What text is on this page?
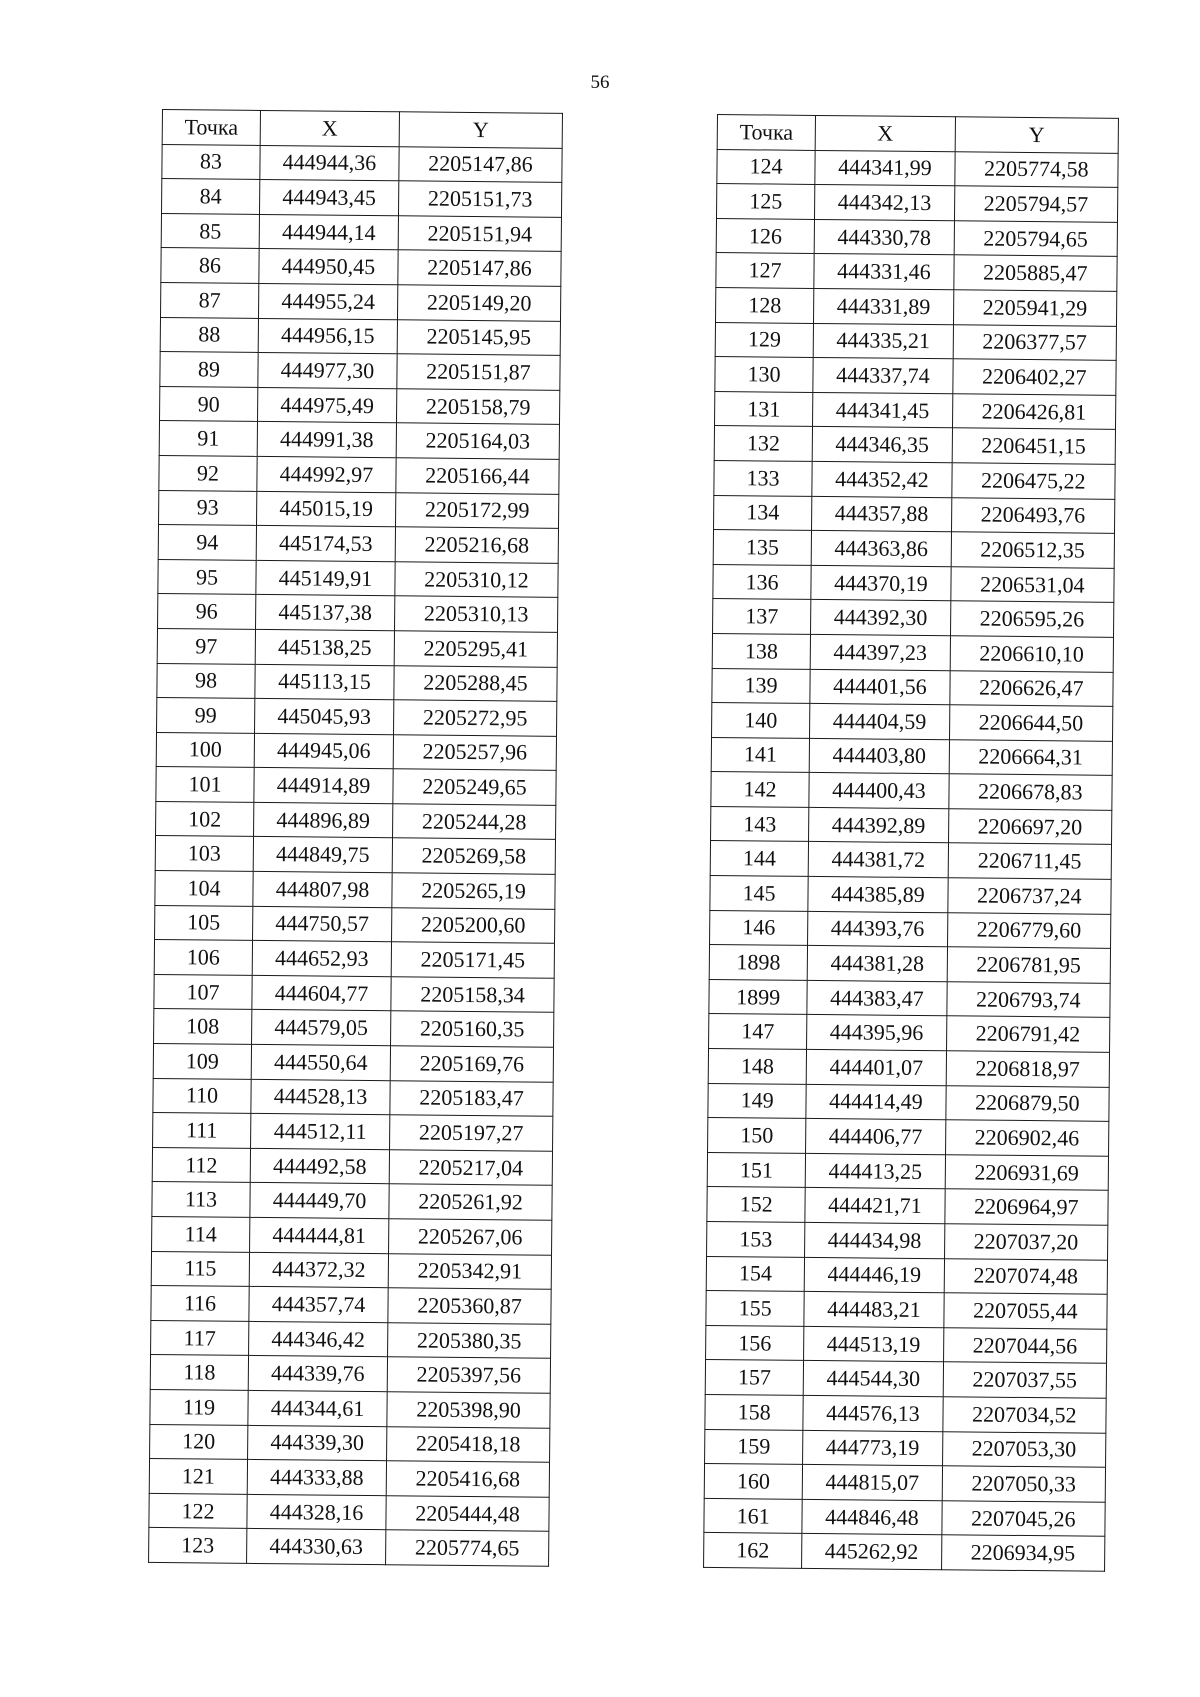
56
Точка	X	Y
83	444944,36	2205147,86
84	444943,45	2205151,73
85	444944,14	2205151,94
86	444950,45	2205147,86
87	444955,24	2205149,20
88	444956,15	2205145,95
89	444977,30	2205151,87
90	444975,49	2205158,79
91	444991,38	2205164,03
92	444992,97	2205166,44
93	445015,19	2205172,99
94	445174,53	2205216,68
95	445149,91	2205310,12
96	445137,38	2205310,13
97	445138,25	2205295,41
98	445113,15	2205288,45
99	445045,93	2205272,95
100	444945,06	2205257,96
101	444914,89	2205249,65
102	444896,89	2205244,28
103	444849,75	2205269,58
104	444807,98	2205265,19
105	444750,57	2205200,60
106	444652,93	2205171,45
107	444604,77	2205158,34
108	444579,05	2205160,35
109	444550,64	2205169,76
110	444528,13	2205183,47
111	444512,11	2205197,27
112	444492,58	2205217,04
113	444449,70	2205261,92
114	444444,81	2205267,06
115	444372,32	2205342,91
116	444357,74	2205360,87
117	444346,42	2205380,35
118	444339,76	2205397,56
119	444344,61	2205398,90
120	444339,30	2205418,18
121	444333,88	2205416,68
122	444328,16	2205444,48
123	444330,63	2205774,65
Точка	X	Y
124	444341,99	2205774,58
125	444342,13	2205794,57
126	444330,78	2205794,65
127	444331,46	2205885,47
128	444331,89	2205941,29
129	444335,21	2206377,57
130	444337,74	2206402,27
131	444341,45	2206426,81
132	444346,35	2206451,15
133	444352,42	2206475,22
134	444357,88	2206493,76
135	444363,86	2206512,35
136	444370,19	2206531,04
137	444392,30	2206595,26
138	444397,23	2206610,10
139	444401,56	2206626,47
140	444404,59	2206644,50
141	444403,80	2206664,31
142	444400,43	2206678,83
143	444392,89	2206697,20
144	444381,72	2206711,45
145	444385,89	2206737,24
146	444393,76	2206779,60
1898	444381,28	2206781,95
1899	444383,47	2206793,74
147	444395,96	2206791,42
148	444401,07	2206818,97
149	444414,49	2206879,50
150	444406,77	2206902,46
151	444413,25	2206931,69
152	444421,71	2206964,97
153	444434,98	2207037,20
154	444446,19	2207074,48
155	444483,21	2207055,44
156	444513,19	2207044,56
157	444544,30	2207037,55
158	444576,13	2207034,52
159	444773,19	2207053,30
160	444815,07	2207050,33
161	444846,48	2207045,26
162	445262,92	2206934,95
